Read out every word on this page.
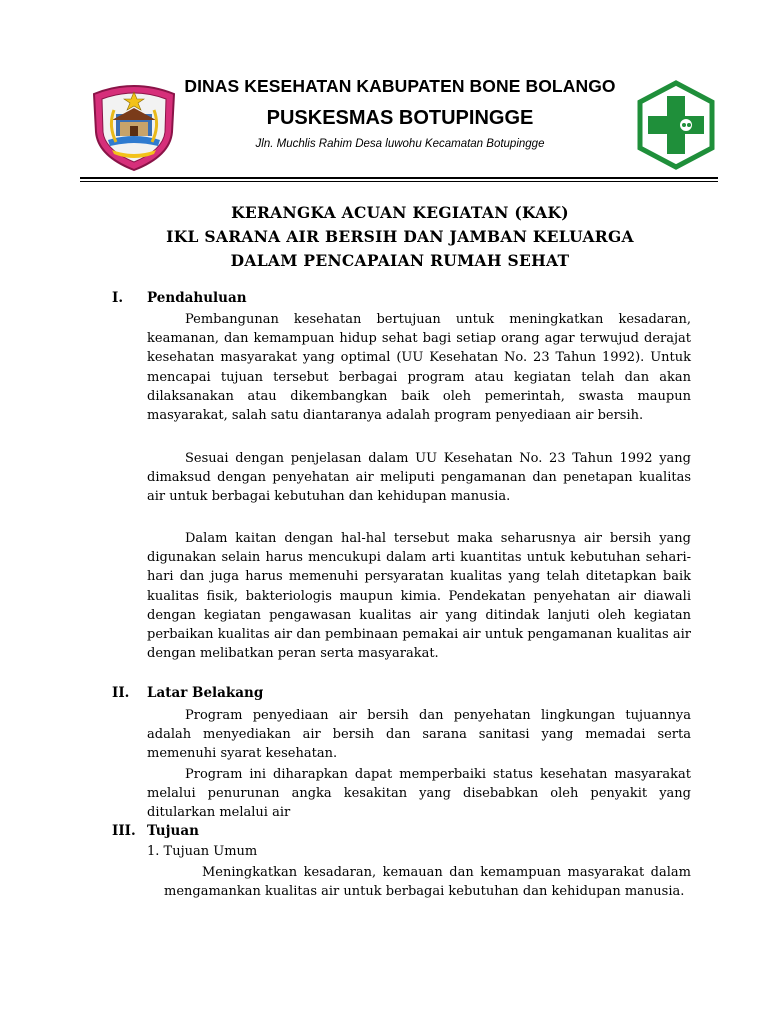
DINAS KESEHATAN KABUPATEN BONE BOLANGO
PUSKESMAS BOTUPINGGE
Jln. Muchlis Rahim Desa luwohu Kecamatan Botupingge
KERANGKA ACUAN KEGIATAN (KAK)
IKL SARANA AIR BERSIH DAN JAMBAN KELUARGA
DALAM PENCAPAIAN RUMAH SEHAT
I. Pendahuluan

Pembangunan kesehatan bertujuan untuk meningkatkan kesadaran, keamanan, dan kemampuan hidup sehat bagi setiap orang agar terwujud derajat kesehatan masyarakat yang optimal (UU Kesehatan No. 23 Tahun 1992). Untuk mencapai tujuan tersebut berbagai program atau kegiatan telah dan akan dilaksanakan atau dikembangkan baik oleh pemerintah, swasta maupun masyarakat, salah satu diantaranya adalah program penyediaan air bersih.

Sesuai dengan penjelasan dalam UU Kesehatan No. 23 Tahun 1992 yang dimaksud dengan penyehatan air meliputi pengamanan dan penetapan kualitas air untuk berbagai kebutuhan dan kehidupan manusia.

Dalam kaitan dengan hal-hal tersebut maka seharusnya air bersih yang digunakan selain harus mencukupi dalam arti kuantitas untuk kebutuhan sehari-hari dan juga harus memenuhi persyaratan kualitas yang telah ditetapkan baik kualitas fisik, bakteriologis maupun kimia. Pendekatan penyehatan air diawali dengan kegiatan pengawasan kualitas air yang ditindak lanjuti oleh kegiatan perbaikan kualitas air dan pembinaan pemakai air untuk pengamanan kualitas air dengan melibatkan peran serta masyarakat.

II. Latar Belakang

Program penyediaan air bersih dan penyehatan lingkungan tujuannya adalah menyediakan air bersih dan sarana sanitasi yang memadai serta memenuhi syarat kesehatan.

Program ini diharapkan dapat memperbaiki status kesehatan masyarakat melalui penurunan angka kesakitan yang disebabkan oleh penyakit yang ditularkan melalui air

III. Tujuan
1. Tujuan Umum

Meningkatkan kesadaran, kemauan dan kemampuan masyarakat dalam mengamankan kualitas air untuk berbagai kebutuhan dan kehidupan manusia.
